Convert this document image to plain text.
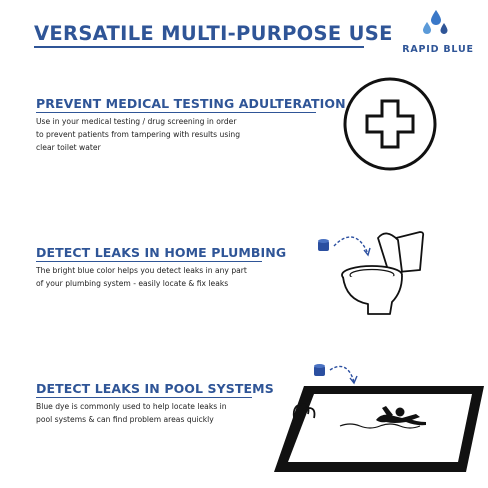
VERSATILE MULTI-PURPOSE USE
RAPID BLUE
PREVENT MEDICAL TESTING ADULTERATION
Use in your medical testing / drug screening in order
to prevent patients from tampering with results using
clear toilet water
DETECT LEAKS IN HOME PLUMBING
The bright blue color helps you detect leaks in any part
of your plumbing system - easily locate & fix leaks
DETECT LEAKS IN POOL SYSTEMS
Blue dye is commonly used to help locate leaks in
pool systems & can find problem areas quickly
